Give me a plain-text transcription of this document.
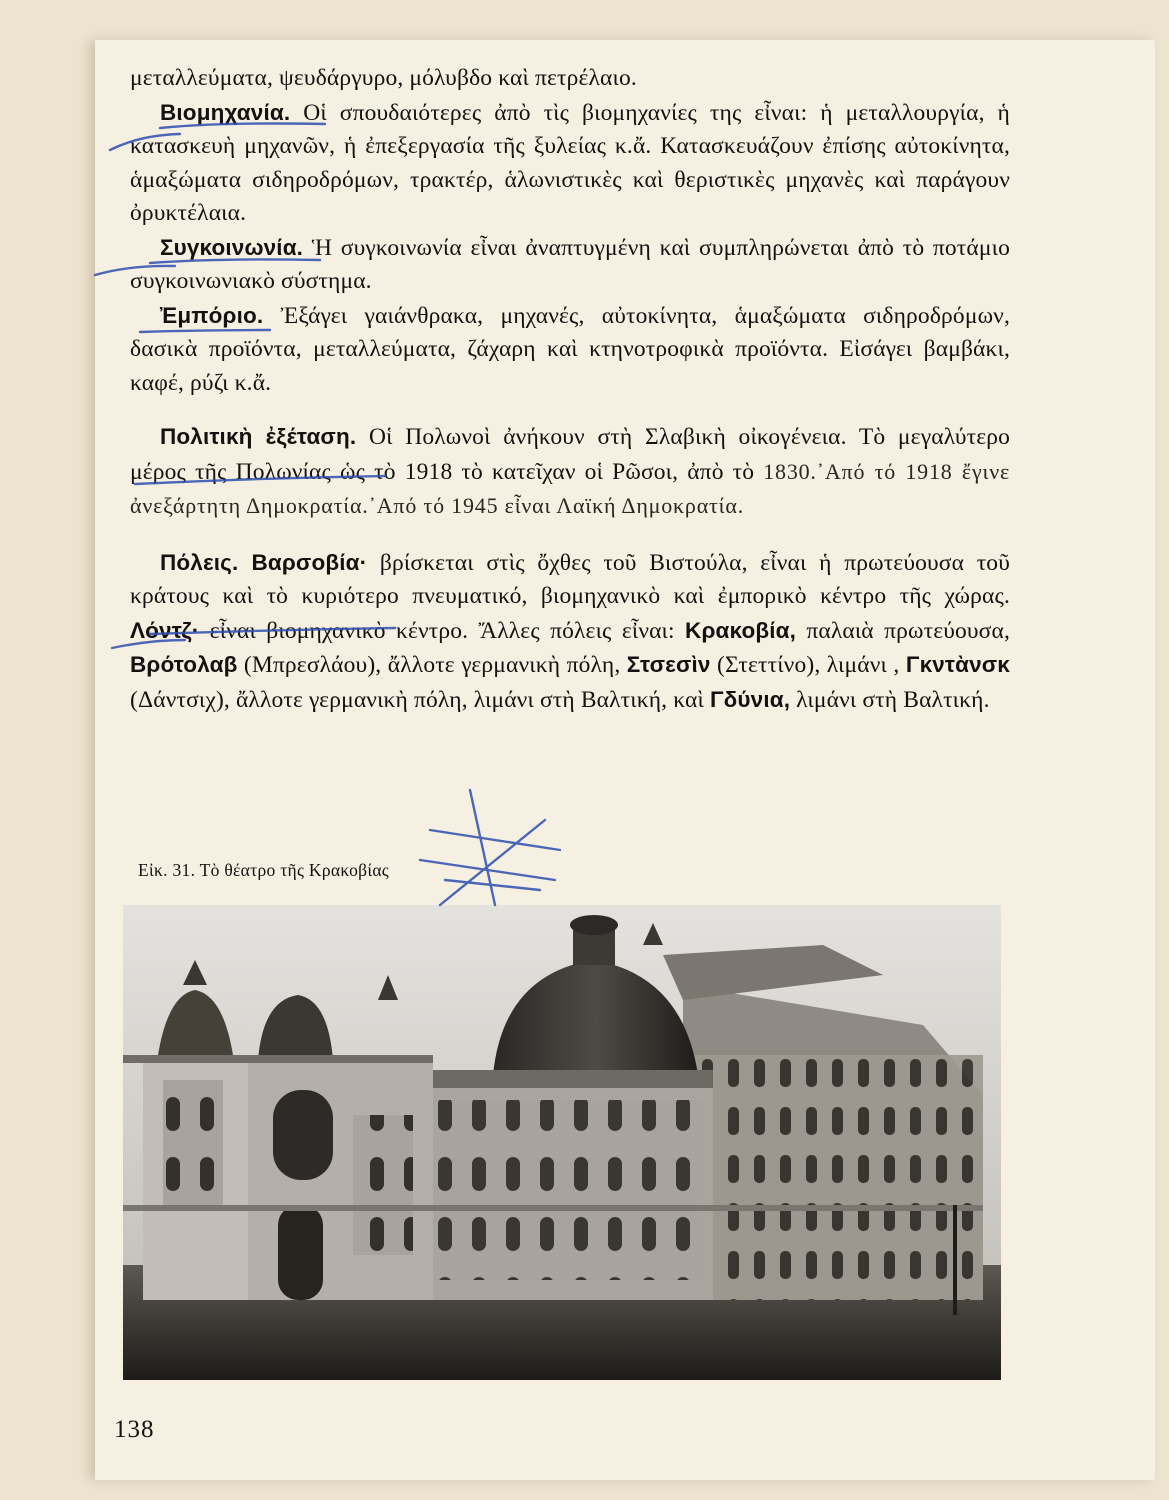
μεταλλεύματα, ψευδάργυρο, μόλυβδο καὶ πετρέλαιο.

Βιομηχανία. Οἱ σπουδαιότερες ἀπὸ τὶς βιομηχανίες της εἶναι: ἡ μεταλλουργία, ἡ κατασκευὴ μηχανῶν, ἡ ἐπεξεργασία τῆς ξυλείας κ.ἄ. Κατασκευάζουν ἐπίσης αὐτοκίνητα, ἁμαξώματα σιδηροδρόμων, τρακτέρ, ἁλωνιστικὲς καὶ θεριστικὲς μηχανὲς καὶ παράγουν ὀρυκτέλαια.

Συγκοινωνία. Ἡ συγκοινωνία εἶναι ἀναπτυγμένη καὶ συμπληρώνεται ἀπὸ τὸ ποτάμιο συγκοινωνιακὸ σύστημα.

Ἐμπόριο. Ἐξάγει γαιάνθρακα, μηχανές, αὐτοκίνητα, ἁμαξώματα σιδηροδρόμων, δασικὰ προϊόντα, μεταλλεύματα, ζάχαρη καὶ κτηνοτροφικὰ προϊόντα. Εἰσάγει βαμβάκι, καφέ, ρύζι κ.ἄ.

Πολιτικὴ ἐξέταση. Οἱ Πολωνοὶ ἀνήκουν στὴ Σλαβικὴ οἰκογένεια. Τὸ μεγαλύτερο μέρος τῆς Πολωνίας ὡς τὸ 1918 τὸ κατεῖχαν οἱ Ρῶσοι, ἀπὸ τὸ 1830.᾿Από τό 1918 ἔγινε ἀνεξάρτητη Δημοκρατία.᾿Από τό 1945 εἶναι Λαϊκή Δημοκρατία.

Πόλεις. Βαρσοβία· βρίσκεται στὶς ὄχθες τοῦ Βιστούλα, εἶναι ἡ πρωτεύουσα τοῦ κράτους καὶ τὸ κυριότερο πνευματικό, βιομηχανικὸ καὶ ἐμπορικὸ κέντρο τῆς χώρας. Λόντζ· εἶναι βιομηχανικὸ κέντρο. Ἄλλες πόλεις εἶναι: Κρακοβία, παλαιὰ πρωτεύουσα, Βρότολαβ (Μπρεσλάου), ἄλλοτε γερμανικὴ πόλη, Στσεσὶν (Στεττίνο), λιμάνι , Γκντὰνσκ (Δάντσιχ), ἄλλοτε γερμανικὴ πόλη, λιμάνι στὴ Βαλτική, καὶ Γδύνια, λιμάνι στὴ Βαλτική.

Εἰκ. 31. Τὸ θέατρο τῆς Κρακοβίας
138
